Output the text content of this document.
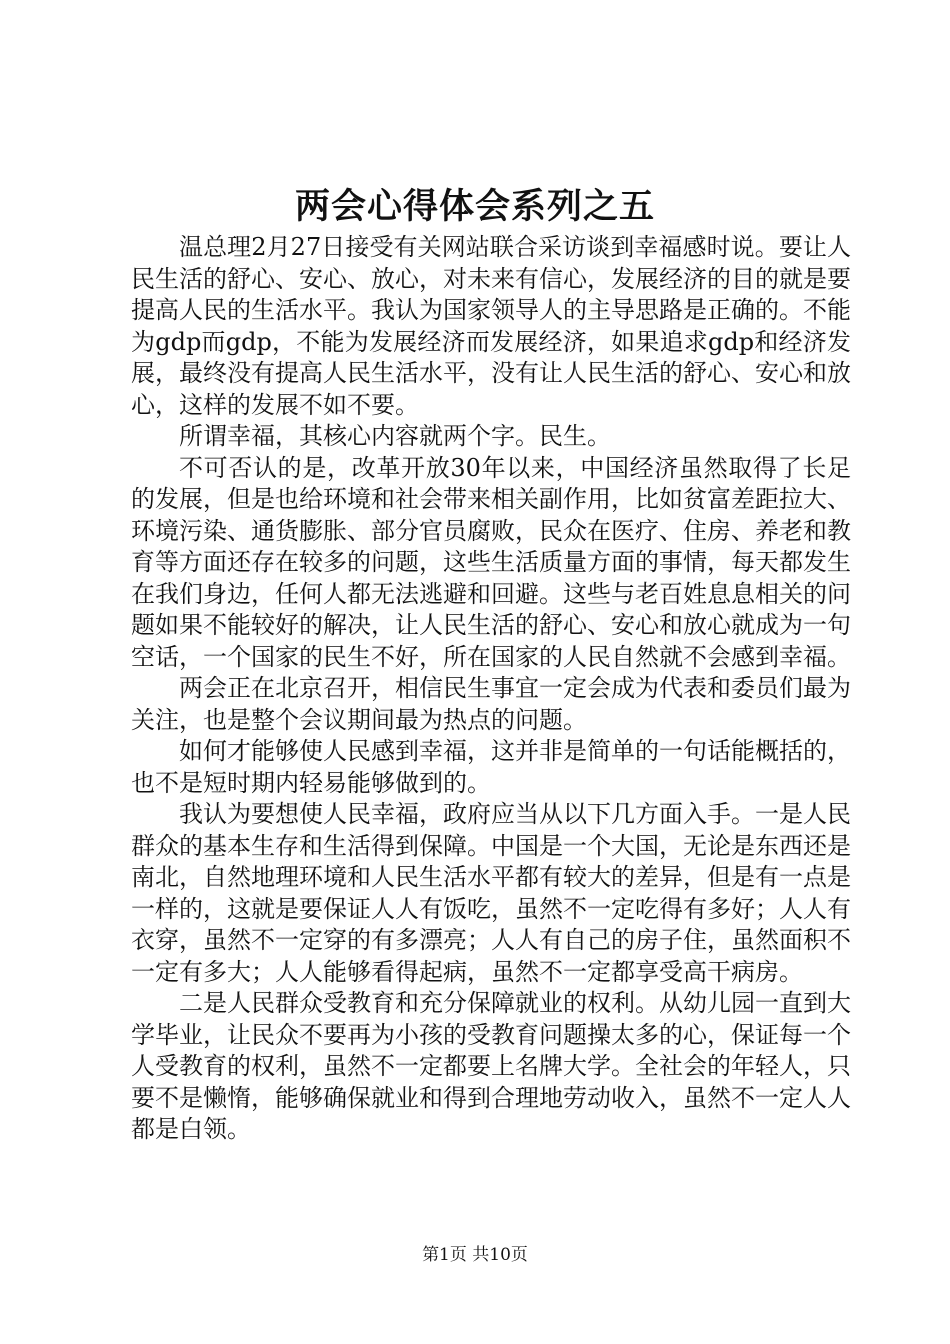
两会心得体会系列之五

温总理2月27日接受有关网站联合采访谈到幸福感时说。要让人民生活的舒心、安心、放心，对未来有信心，发展经济的目的就是要提高人民的生活水平。我认为国家领导人的主导思路是正确的。不能为gdp而gdp，不能为发展经济而发展经济，如果追求gdp和经济发展，最终没有提高人民生活水平，没有让人民生活的舒心、安心和放心，这样的发展不如不要。

所谓幸福，其核心内容就两个字。民生。

不可否认的是，改革开放30年以来，中国经济虽然取得了长足的发展，但是也给环境和社会带来相关副作用，比如贫富差距拉大、环境污染、通货膨胀、部分官员腐败，民众在医疗、住房、养老和教育等方面还存在较多的问题，这些生活质量方面的事情，每天都发生在我们身边，任何人都无法逃避和回避。这些与老百姓息息相关的问题如果不能较好的解决，让人民生活的舒心、安心和放心就成为一句空话，一个国家的民生不好，所在国家的人民自然就不会感到幸福。

两会正在北京召开，相信民生事宜一定会成为代表和委员们最为关注，也是整个会议期间最为热点的问题。

如何才能够使人民感到幸福，这并非是简单的一句话能概括的，也不是短时期内轻易能够做到的。

我认为要想使人民幸福，政府应当从以下几方面入手。一是人民群众的基本生存和生活得到保障。中国是一个大国，无论是东西还是南北，自然地理环境和人民生活水平都有较大的差异，但是有一点是一样的，这就是要保证人人有饭吃，虽然不一定吃得有多好；人人有衣穿，虽然不一定穿的有多漂亮；人人有自己的房子住，虽然面积不一定有多大；人人能够看得起病，虽然不一定都享受高干病房。

二是人民群众受教育和充分保障就业的权利。从幼儿园一直到大学毕业，让民众不要再为小孩的受教育问题操太多的心，保证每一个人受教育的权利，虽然不一定都要上名牌大学。全社会的年轻人，只要不是懒惰，能够确保就业和得到合理地劳动收入，虽然不一定人人都是白领。

第1页 共10页
